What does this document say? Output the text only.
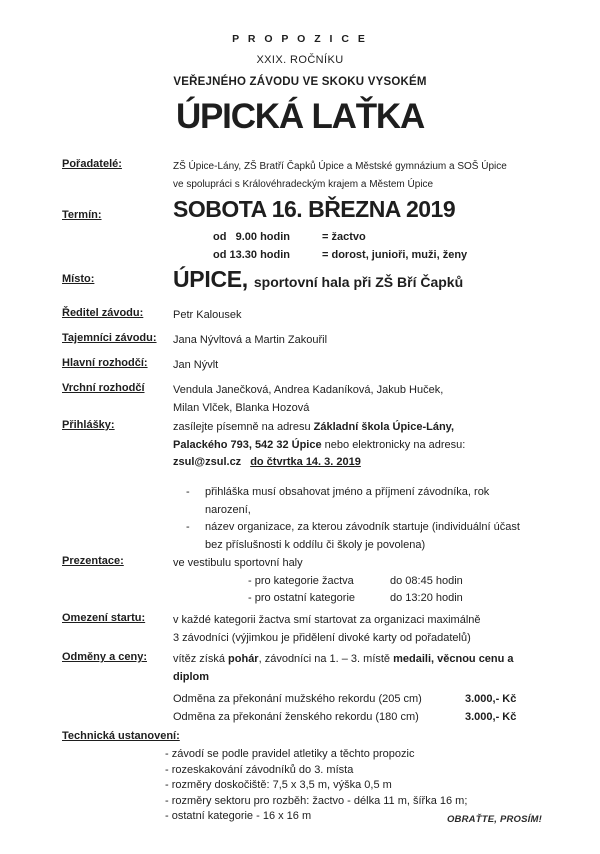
P R O P O Z I C E
XXIX. ROČNÍKU
VEŘEJNÉHO ZÁVODU VE SKOKU VYSOKÉM
ÚPICKÁ LAŤKA
Pořadatelé:	ZŠ Úpice-Lány, ZŠ Bratří Čapků Úpice a Městské gymnázium a SOŠ Úpice
ve spolupráci s Královéhradeckým krajem a Městem Úpice
Termín:	SOBOTA 16. BŘEZNA 2019
od   9.00 hodin	= žactvo
od 13.30 hodin	= dorost, junioři, muži, ženy
Místo:	ÚPICE, sportovní hala při ZŠ Bří Čapků
Ředitel závodu:	Petr Kalousek
Tajemníci závodu: Jana Nývltová a Martin Zakouřil
Hlavní rozhodčí: Jan Nývlt
Vrchní rozhodčí	Vendula Janečková, Andrea Kadaníková, Jakub Huček,
Milan Vlček, Blanka Hozová
Přihlášky:	zasílejte písemně na adresu Základní škola Úpice-Lány,
Palackého 793, 542 32 Úpice nebo elektronicky na adresu:
zsul@zsul.cz do čtvrtka 14. 3. 2019
-	přihláška musí obsahovat jméno a příjmení závodníka, rok
narození,
-	název organizace, za kterou závodník startuje (individuální účast
bez příslušnosti k oddílu či školy je povolena)
Prezentace:	ve vestibulu sportovní haly
- pro kategorie žactva	do 08:45 hodin
- pro ostatní kategorie	do 13:20 hodin
Omezení startu:	v každé kategorii žactva smí startovat za organizaci maximálně
3 závodníci (výjimkou je přidělení divoké karty od pořadatelů)
Odměny a ceny: vítěz získá pohár, závodníci na 1. – 3. místě medaili, věcnou cenu a
diplom
Odměna za překonání mužského rekordu (205 cm)	3.000,- Kč
Odměna za překonání ženského rekordu (180 cm)	3.000,- Kč
Technická ustanovení:
- závodí se podle pravidel atletiky a těchto propozic
- rozeskakování závodníků do 3. místa
- rozměry doskočiště: 7,5 x 3,5 m, výška 0,5 m
- rozměry sektoru pro rozběh: žactvo - délka 11 m, šířka 16 m;
- ostatní kategorie - 16 x 16 m	OBRAŤTE, PROSÍM!
